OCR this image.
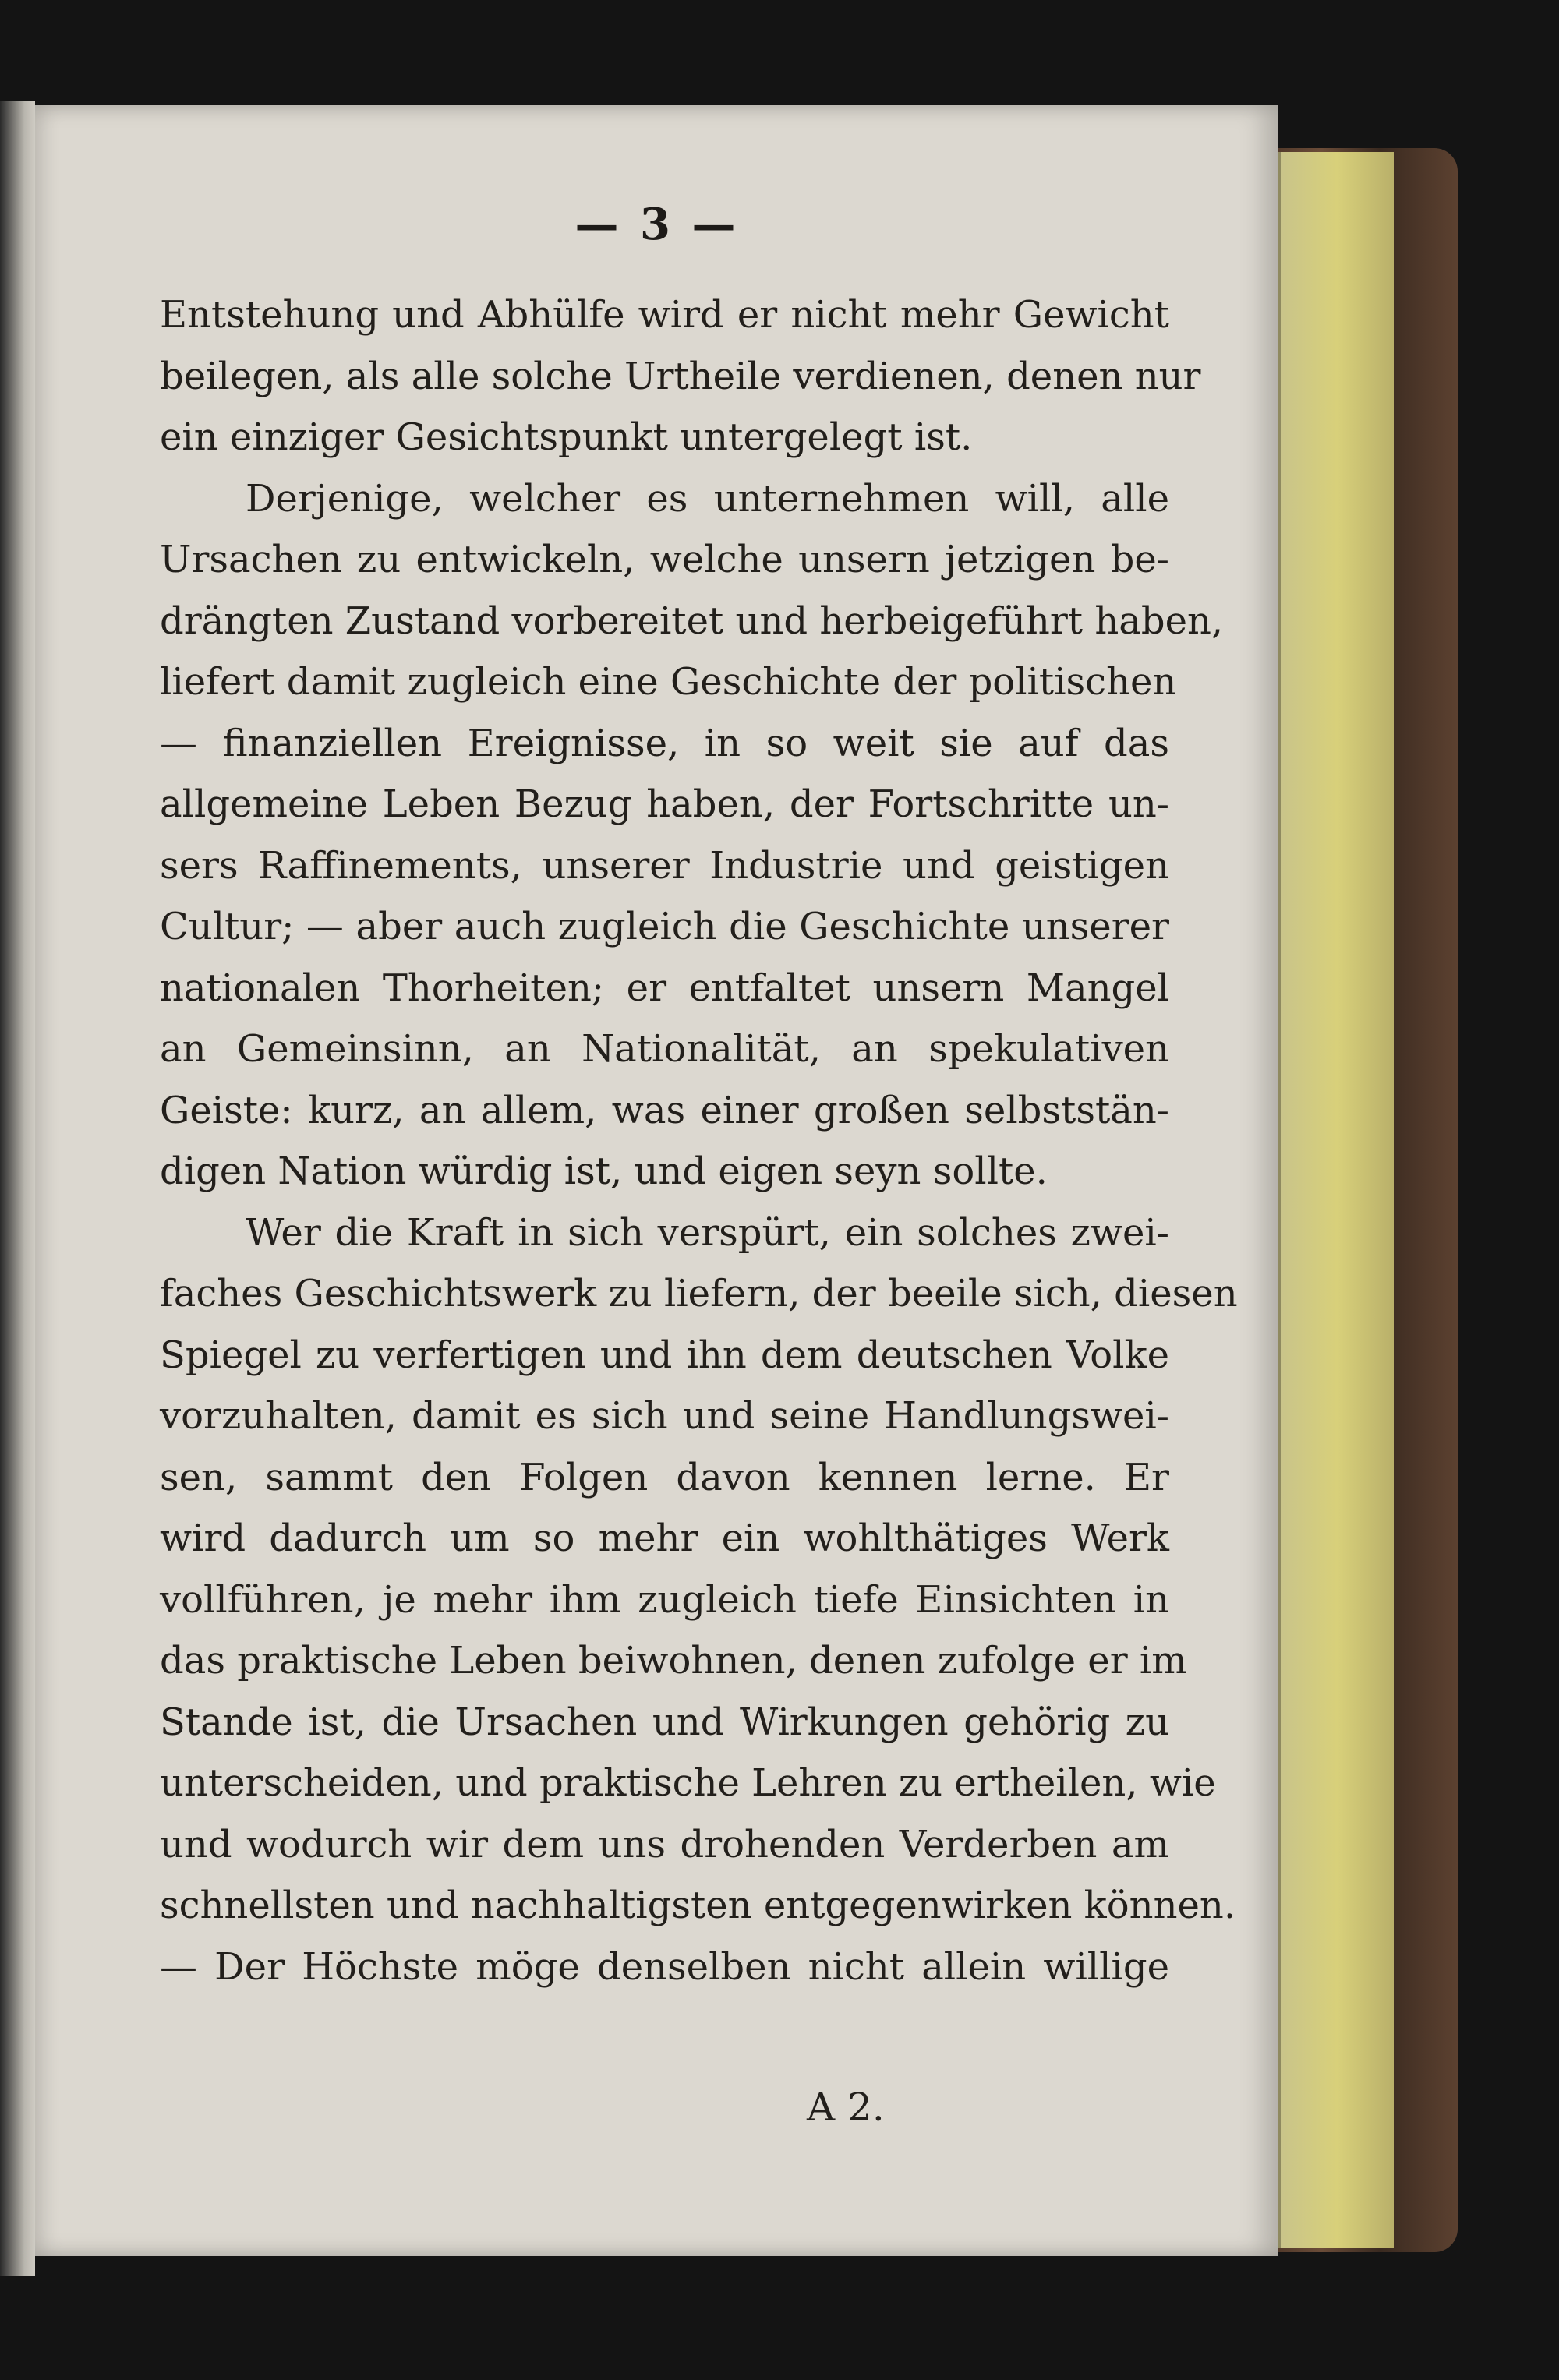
— 3 —
Entstehung und Abhülfe wird er nicht mehr Gewicht
beilegen, als alle solche Urtheile verdienen, denen nur
ein einziger Gesichtspunkt untergelegt ist.
Derjenige, welcher es unternehmen will, alle
Ursachen zu entwickeln, welche unsern jetzigen be-
drängten Zustand vorbereitet und herbeigeführt haben,
liefert damit zugleich eine Geschichte der politischen
— finanziellen Ereignisse, in so weit sie auf das
allgemeine Leben Bezug haben, der Fortschritte un-
sers Raffinements, unserer Industrie und geistigen
Cultur; — aber auch zugleich die Geschichte unserer
nationalen Thorheiten; er entfaltet unsern Mangel
an Gemeinsinn, an Nationalität, an spekulativen
Geiste: kurz, an allem, was einer großen selbststän-
digen Nation würdig ist, und eigen seyn sollte.
Wer die Kraft in sich verspürt, ein solches zwei-
faches Geschichtswerk zu liefern, der beeile sich, diesen
Spiegel zu verfertigen und ihn dem deutschen Volke
vorzuhalten, damit es sich und seine Handlungswei-
sen, sammt den Folgen davon kennen lerne. Er
wird dadurch um so mehr ein wohlthätiges Werk
vollführen, je mehr ihm zugleich tiefe Einsichten in
das praktische Leben beiwohnen, denen zufolge er im
Stande ist, die Ursachen und Wirkungen gehörig zu
unterscheiden, und praktische Lehren zu ertheilen, wie
und wodurch wir dem uns drohenden Verderben am
schnellsten und nachhaltigsten entgegenwirken können.
— Der Höchste möge denselben nicht allein willige
A 2.
